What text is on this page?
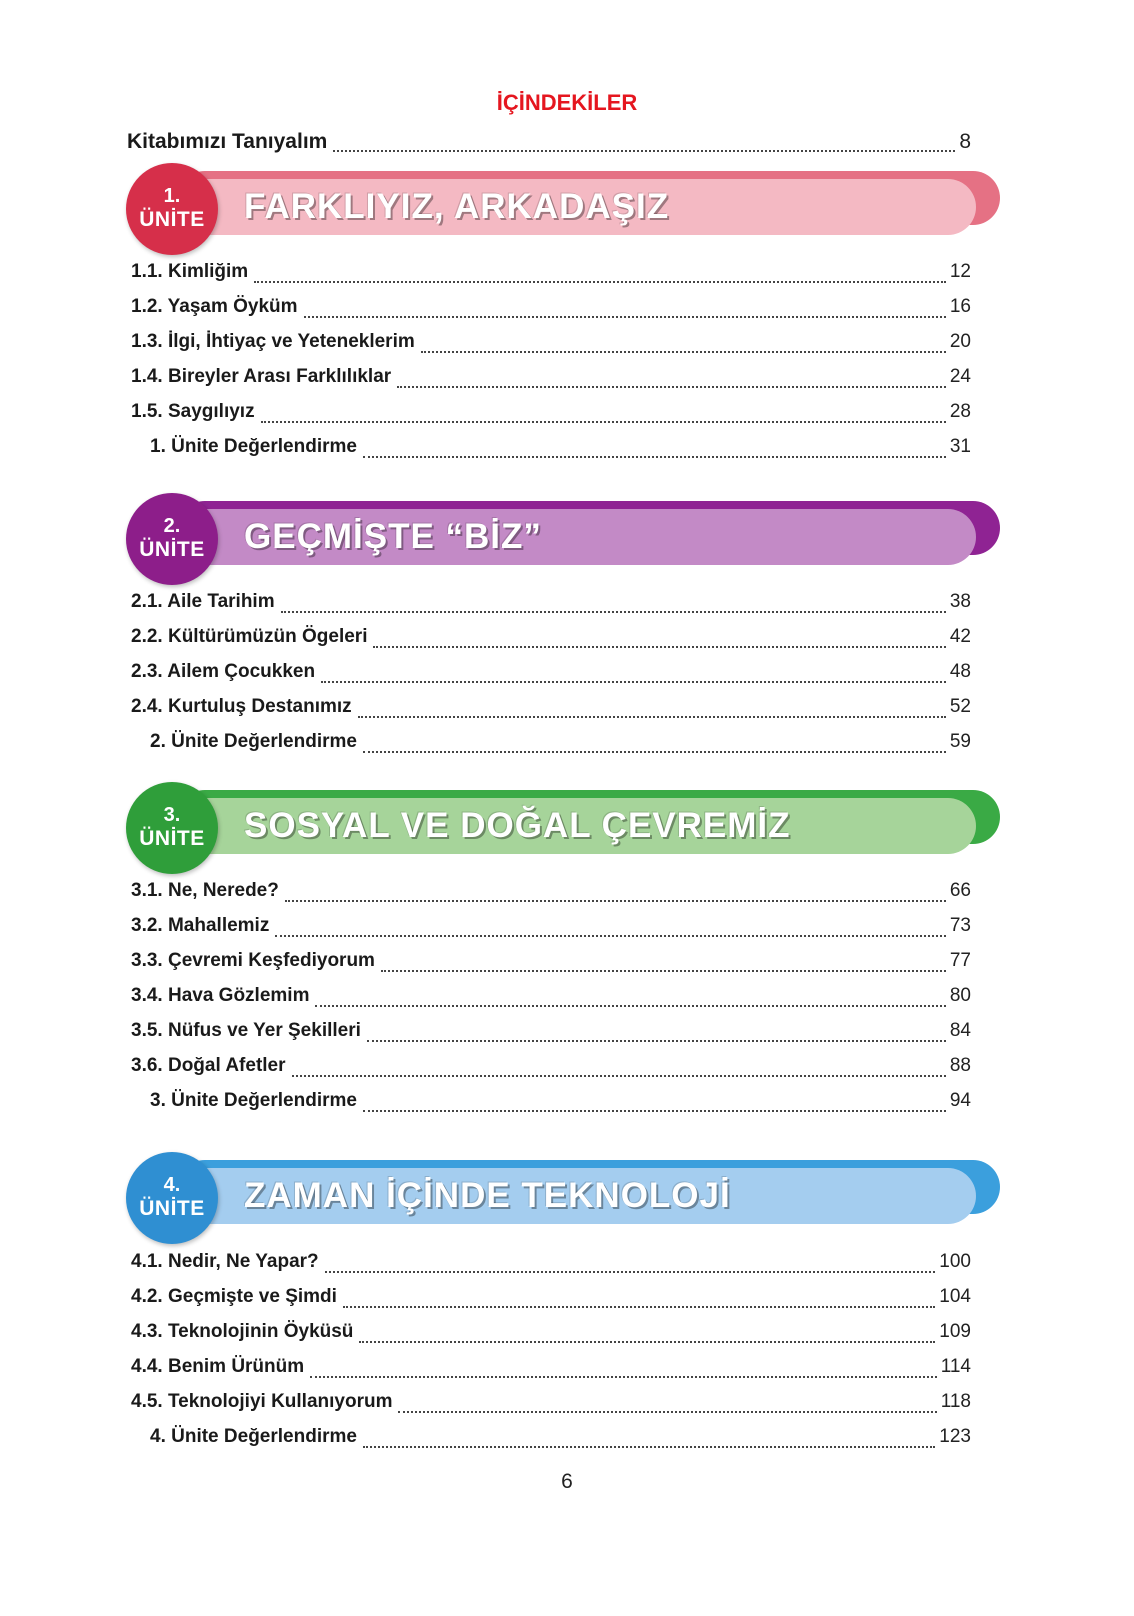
İÇİNDEKİLER
Kitabımızı Tanıyalım	8
FARKLIYIZ, ARKADAŞIZ
1.
ÜNİTE
1.1. Kimliğim	12
1.2. Yaşam Öyküm	16
1.3. İlgi, İhtiyaç ve Yeteneklerim	20
1.4. Bireyler Arası Farklılıklar	24
1.5. Saygılıyız	28
1. Ünite Değerlendirme	31
GEÇMİŞTE “BİZ”
2.
ÜNİTE
2.1. Aile Tarihim	38
2.2. Kültürümüzün Ögeleri	42
2.3. Ailem Çocukken	48
2.4. Kurtuluş Destanımız	52
2. Ünite Değerlendirme	59
SOSYAL VE DOĞAL ÇEVREMİZ
3.
ÜNİTE
3.1. Ne, Nerede?	66
3.2. Mahallemiz	73
3.3. Çevremi Keşfediyorum	77
3.4. Hava Gözlemim	80
3.5. Nüfus ve Yer Şekilleri	84
3.6. Doğal Afetler	88
3. Ünite Değerlendirme	94
ZAMAN İÇİNDE TEKNOLOJİ
4.
ÜNİTE
4.1. Nedir, Ne Yapar?	100
4.2. Geçmişte ve Şimdi	104
4.3. Teknolojinin Öyküsü	109
4.4. Benim Ürünüm	114
4.5. Teknolojiyi Kullanıyorum	118
4. Ünite Değerlendirme	123
6
